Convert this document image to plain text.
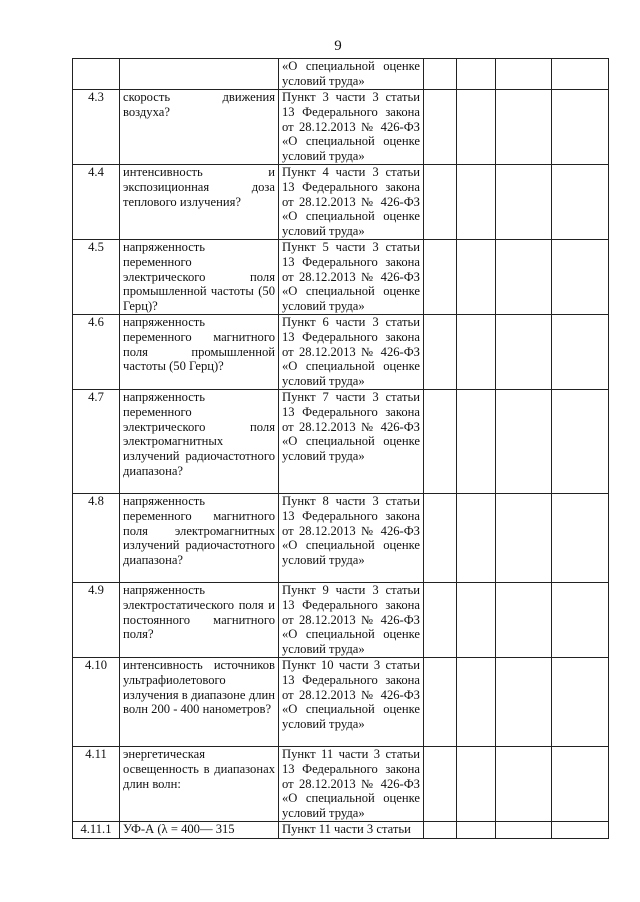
9
		«О специальной оценке условий труда»				
4.3	скорость движения воздуха?	Пункт 3 части 3 статьи 13 Федерального закона от 28.12.2013 № 426-ФЗ «О специальной оценке условий труда»				
4.4	интенсивность и экспозиционная доза теплового излучения?	Пункт 4 части 3 статьи 13 Федерального закона от 28.12.2013 № 426-ФЗ «О специальной оценке условий труда»				
4.5	напряженность переменного электрического поля промышленной частоты (50 Герц)?	Пункт 5 части 3 статьи 13 Федерального закона от 28.12.2013 № 426-ФЗ «О специальной оценке условий труда»				
4.6	напряженность переменного магнитного поля промышленной частоты (50 Герц)?	Пункт 6 части 3 статьи 13 Федерального закона от 28.12.2013 № 426-ФЗ «О специальной оценке условий труда»				
4.7	напряженность переменного электрического поля электромагнитных излучений радиочастотного диапазона?	Пункт 7 части 3 статьи 13 Федерального закона от 28.12.2013 № 426-ФЗ «О специальной оценке условий труда»				
4.8	напряженность переменного магнитного поля электромагнитных излучений радиочастотного диапазона?	Пункт 8 части 3 статьи 13 Федерального закона от 28.12.2013 № 426-ФЗ «О специальной оценке условий труда»				
4.9	напряженность электростатического поля и постоянного магнитного поля?	Пункт 9 части 3 статьи 13 Федерального закона от 28.12.2013 № 426-ФЗ «О специальной оценке условий труда»				
4.10	интенсивность источников ультрафиолетового излучения в диапазоне длин волн 200 - 400 нанометров?	Пункт 10 части 3 статьи 13 Федерального закона от 28.12.2013 № 426-ФЗ «О специальной оценке условий труда»				
4.11	энергетическая освещенность в диапазонах длин волн:	Пункт 11 части 3 статьи 13 Федерального закона от 28.12.2013 № 426-ФЗ «О специальной оценке условий труда»				
4.11.1	УФ-А (λ = 400— 315	Пункт 11 части 3 статьи				
